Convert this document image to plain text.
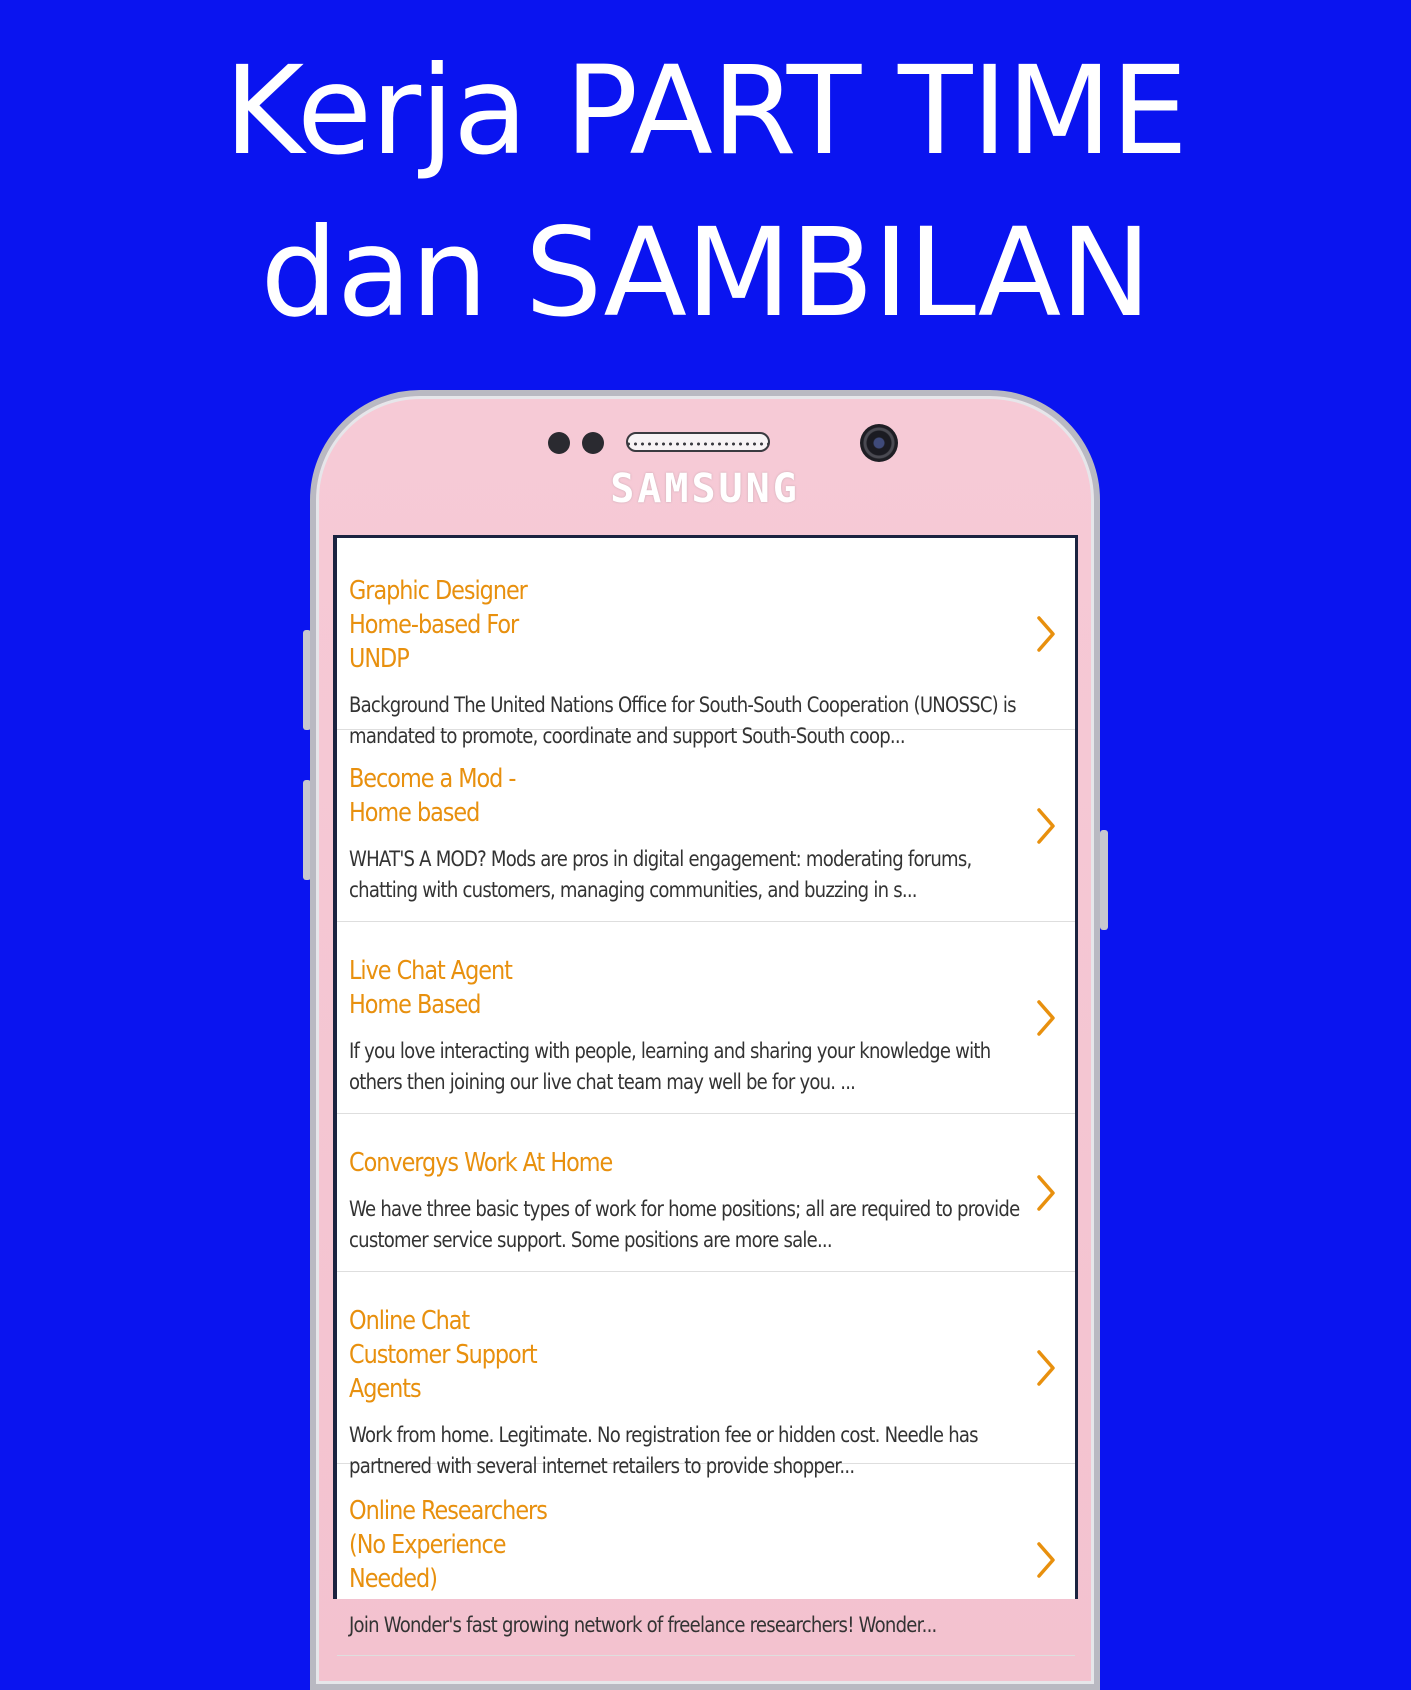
Kerja PART TIME
dan SAMBILAN
SAMSUNG
Graphic Designer Home-based For UNDP
Background The United Nations Office for South-South Cooperation (UNOSSC) is mandated to promote, coordinate and support South-South coop...
Become a Mod - Home based
WHAT'S A MOD? Mods are pros in digital engagement: moderating forums, chatting with customers, managing communities, and buzzing in s...
Live Chat Agent Home Based
If you love interacting with people, learning and sharing your knowledge with others then joining our live chat team may well be for you. ...
Convergys Work At Home
We have three basic types of work for home positions; all are required to provide customer service support. Some positions are more sale...
Online Chat Customer Support Agents
Work from home. Legitimate. No registration fee or hidden cost. Needle has partnered with several internet retailers to provide shopper...
Online Researchers (No Experience Needed)
Join Wonder's fast growing network of freelance researchers! Wonder...
